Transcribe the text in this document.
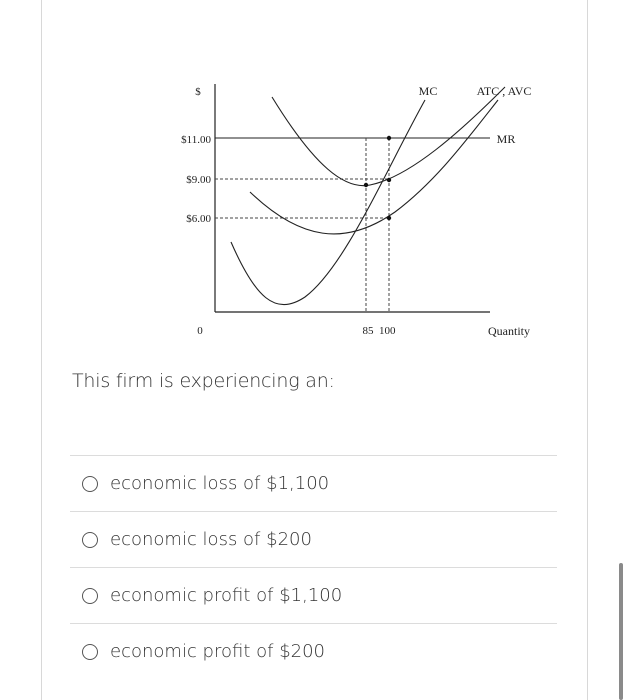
$
$11.00
$9.00
$6.00
0	85  100	Quantity
MC	ATC , AVC
MR
This firm is experiencing an:
economic loss of $1,100
economic loss of $200
economic profit of $1,100
economic profit of $200
